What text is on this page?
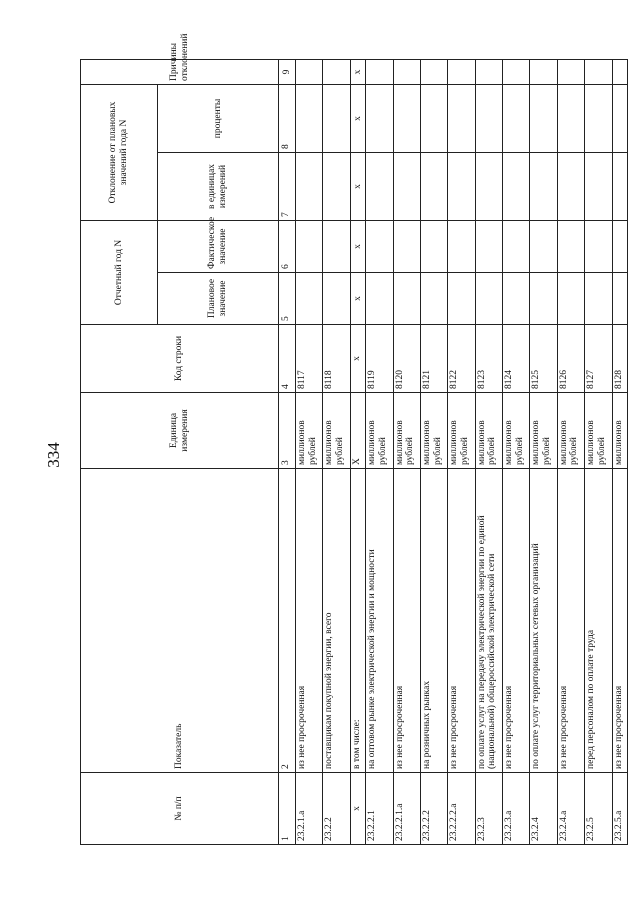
334
№ п/п	Показатель	Единица измерения	Код строки	Отчетный год N		Отклонение от плановых значений года N		Причины отклонений
				Плановое значение	Фактическое значение	в единицах измерений	проценты	
1	2	3	4	5	6	7	8	9
23.2.1.а	из нее просроченная	миллионов рублей	8117					
23.2.2	поставщикам покупной энергии, всего	миллионов рублей	8118					
х	в том числе:	Х	х	х	х	х	х	х
23.2.2.1	на оптовом рынке электрической энергии и мощности	миллионов рублей	8119					
23.2.2.1.а	из нее просроченная	миллионов рублей	8120					
23.2.2.2	на розничных рынках	миллионов рублей	8121					
23.2.2.2.а	из нее просроченная	миллионов рублей	8122					
23.2.3	по оплате услуг на передачу электрической энергии по единой (национальной) общероссийской электрической сети	миллионов рублей	8123					
23.2.3.а	из нее просроченная	миллионов рублей	8124					
23.2.4	по оплате услуг территориальных сетевых организаций	миллионов рублей	8125					
23.2.4.а	из нее просроченная	миллионов рублей	8126					
23.2.5	перед персоналом по оплате труда	миллионов рублей	8127					
23.2.5.а	из нее просроченная	миллионов	8128					
